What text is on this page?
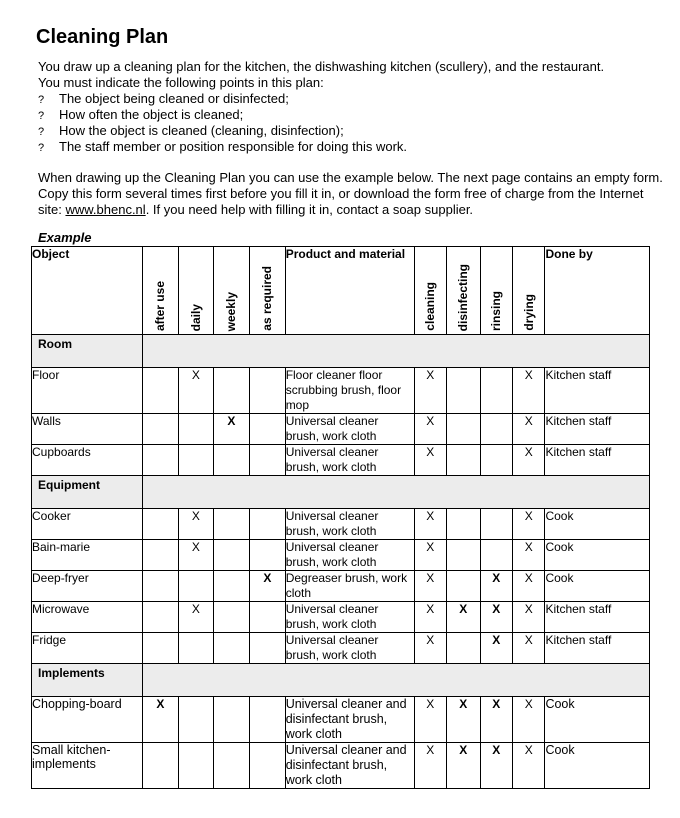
Cleaning Plan

You draw up a cleaning plan for the kitchen, the dishwashing kitchen (scullery), and the restaurant.

You must indicate the following points in this plan:

? The object being cleaned or disinfected;
? How often the object is cleaned;
? How the object is cleaned (cleaning, disinfection);
? The staff member or position responsible for doing this work.

When drawing up the Cleaning Plan you can use the example below. The next page contains an empty form. Copy this form several times first before you fill it in, or download the form free of charge from the Internet site: www.bhenc.nl. If you need help with filling it in, contact a soap supplier.

Example
Object	after use	daily	weekly	as required	Product and material	cleaning	disinfecting	rinsing	drying	Done by
Room										
Floor		X			Floor cleaner floor scrubbing brush, floor mop	X			X	Kitchen staff
Walls			X		Universal cleaner brush, work cloth	X			X	Kitchen staff
Cupboards					Universal cleaner brush, work cloth	X			X	Kitchen staff
Equipment										
Cooker		X			Universal cleaner brush, work cloth	X			X	Cook
Bain-marie		X			Universal cleaner brush, work cloth	X			X	Cook
Deep-fryer				X	Degreaser brush, work cloth	X		X	X	Cook
Microwave		X			Universal cleaner brush, work cloth	X	X	X	X	Kitchen staff
Fridge					Universal cleaner brush, work cloth	X		X	X	Kitchen staff
Implements										
Chopping-board	X				Universal cleaner and disinfectant brush, work cloth	X	X	X	X	Cook
Small kitchen-implements					Universal cleaner and disinfectant brush, work cloth	X	X	X	X	Cook
